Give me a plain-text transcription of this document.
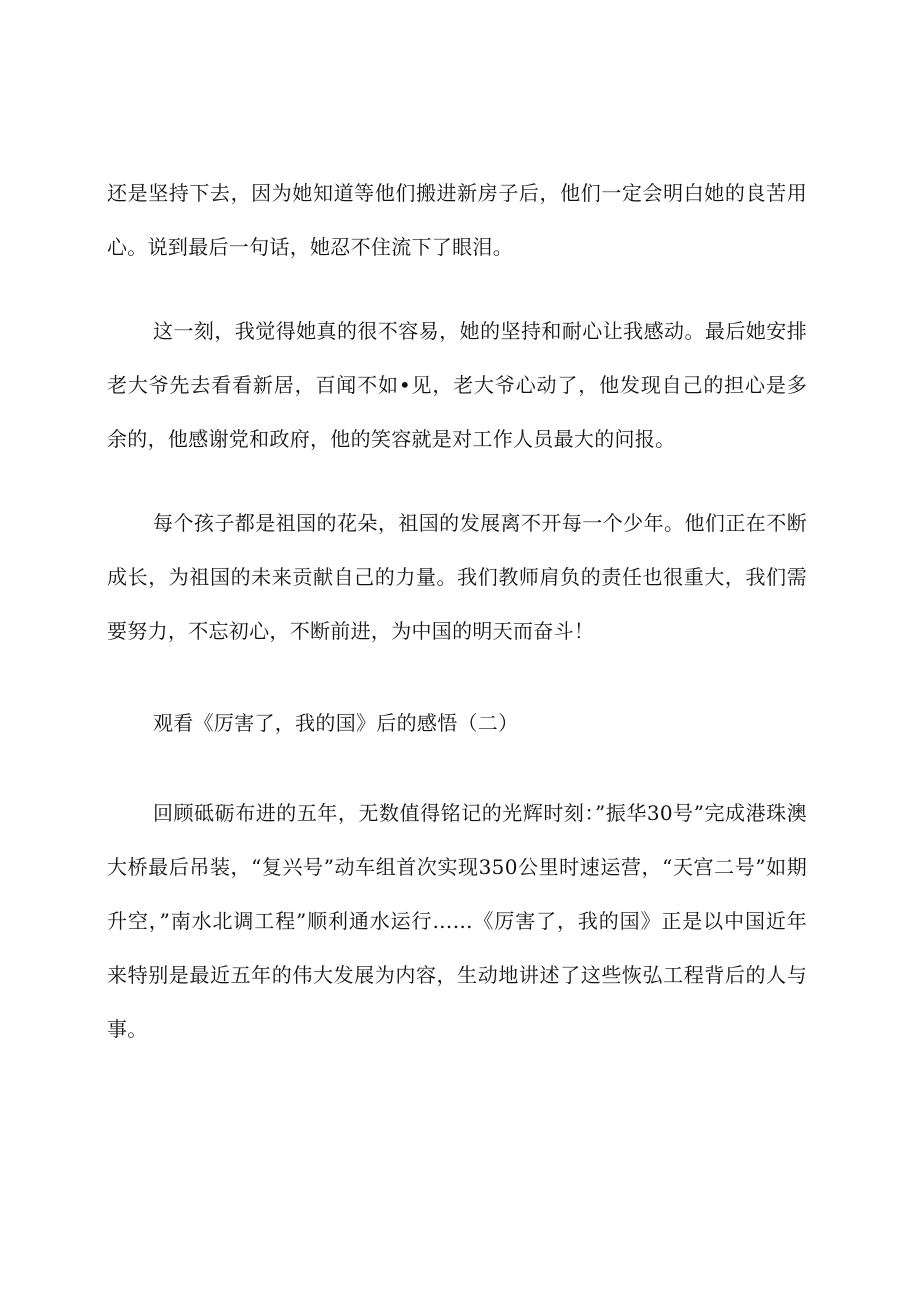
还是坚持下去，因为她知道等他们搬进新房子后，他们一定会明白她的良苦用心。说到最后一句话，她忍不住流下了眼泪。

这一刻，我觉得她真的很不容易，她的坚持和耐心让我感动。最后她安排老大爷先去看看新居，百闻不如•见，老大爷心动了，他发现自己的担心是多余的，他感谢党和政府，他的笑容就是对工作人员最大的问报。

每个孩子都是祖国的花朵，祖国的发展离不开每一个少年。他们正在不断成长，为祖国的未来贡献自己的力量。我们教师肩负的责任也很重大，我们需要努力，不忘初心，不断前进，为中国的明天而奋斗！

观看《厉害了，我的国》后的感悟（二）

回顾砥砺布进的五年，无数值得铭记的光辉时刻：”振华30号”完成港珠澳大桥最后吊装，“复兴号”动车组首次实现350公里时速运营，“天宫二号”如期升空，”南水北调工程”顺利通水运行……《厉害了，我的国》正是以中国近年来特别是最近五年的伟大发展为内容，生动地讲述了这些恢弘工程背后的人与事。
